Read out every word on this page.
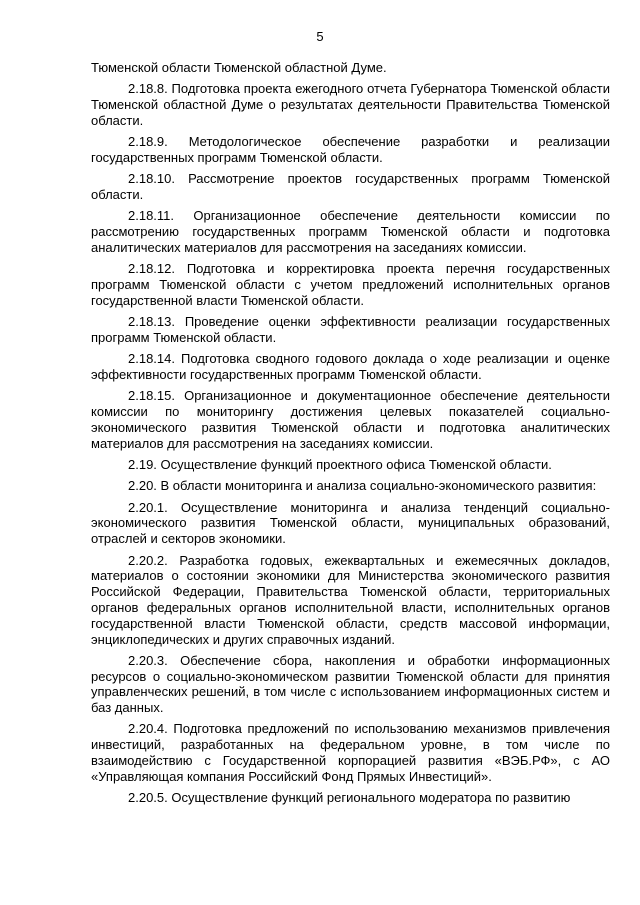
5

Тюменской области Тюменской областной Думе.

2.18.8. Подготовка проекта ежегодного отчета Губернатора Тюменской области Тюменской областной Думе о результатах деятельности Правительства Тюменской области.

2.18.9. Методологическое обеспечение разработки и реализации государственных программ Тюменской области.

2.18.10. Рассмотрение проектов государственных программ Тюменской области.

2.18.11. Организационное обеспечение деятельности комиссии по рассмотрению государственных программ Тюменской области и подготовка аналитических материалов для рассмотрения на заседаниях комиссии.

2.18.12. Подготовка и корректировка проекта перечня государственных программ Тюменской области с учетом предложений исполнительных органов государственной власти Тюменской области.

2.18.13. Проведение оценки эффективности реализации государственных программ Тюменской области.

2.18.14. Подготовка сводного годового доклада о ходе реализации и оценке эффективности государственных программ Тюменской области.

2.18.15. Организационное и документационное обеспечение деятельности комиссии по мониторингу достижения целевых показателей социально-экономического развития Тюменской области и подготовка аналитических материалов для рассмотрения на заседаниях комиссии.

2.19. Осуществление функций проектного офиса Тюменской области.

2.20. В области мониторинга и анализа социально-экономического развития:

2.20.1. Осуществление мониторинга и анализа тенденций социально-экономического развития Тюменской области, муниципальных образований, отраслей и секторов экономики.

2.20.2. Разработка годовых, ежеквартальных и ежемесячных докладов, материалов о состоянии экономики для Министерства экономического развития Российской Федерации, Правительства Тюменской области, территориальных органов федеральных органов исполнительной власти, исполнительных органов государственной власти Тюменской области, средств массовой информации, энциклопедических и других справочных изданий.

2.20.3. Обеспечение сбора, накопления и обработки информационных ресурсов о социально-экономическом развитии Тюменской области для принятия управленческих решений, в том числе с использованием информационных систем и баз данных.

2.20.4. Подготовка предложений по использованию механизмов привлечения инвестиций, разработанных на федеральном уровне, в том числе по взаимодействию с Государственной корпорацией развития «ВЭБ.РФ», с АО «Управляющая компания Российский Фонд Прямых Инвестиций».

2.20.5. Осуществление функций регионального модератора по развитию
